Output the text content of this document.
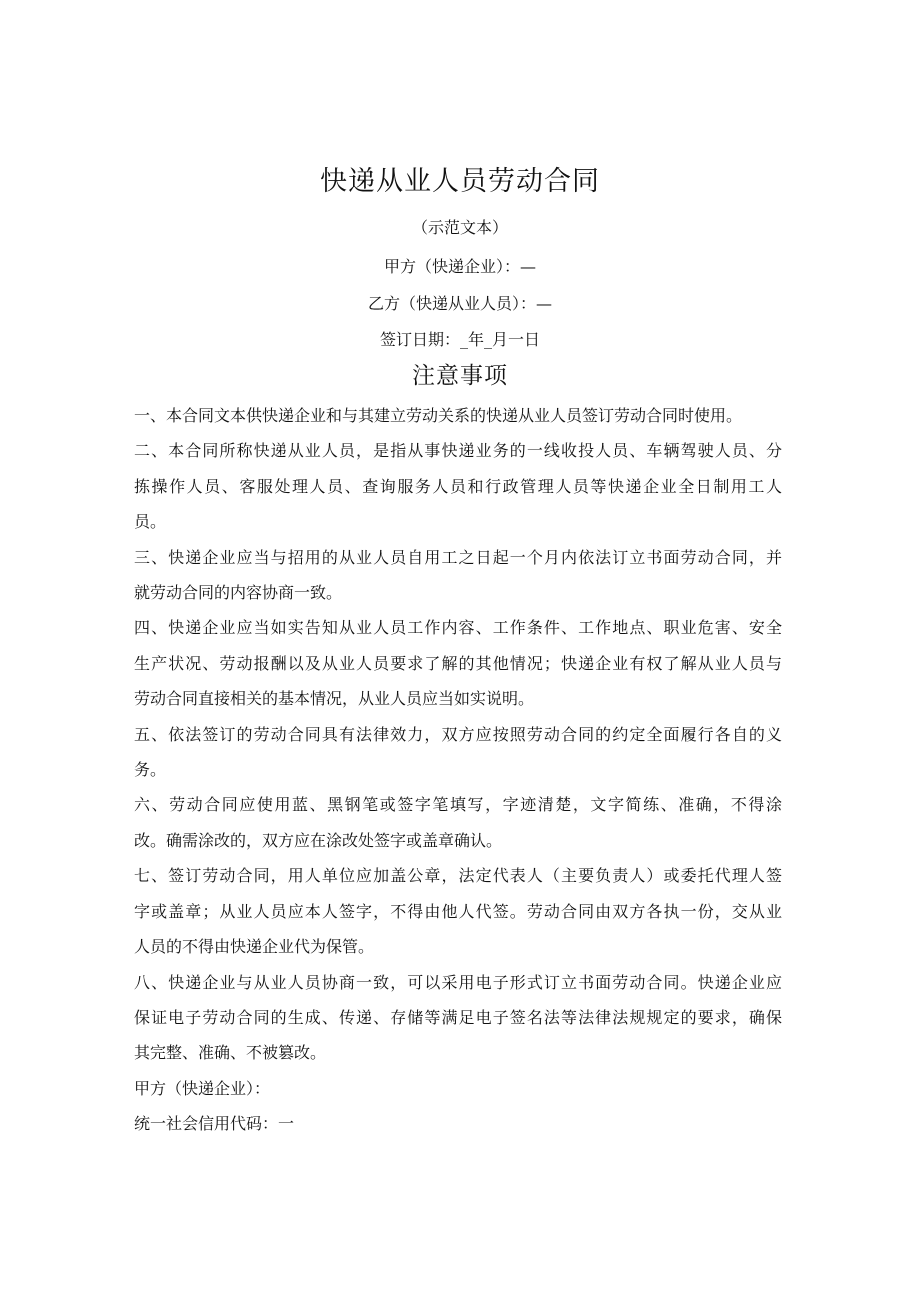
快递从业人员劳动合同
（示范文本）
甲方（快递企业）：—
乙方（快递从业人员）：—
签订日期：_年_月一日
注意事项
一、本合同文本供快递企业和与其建立劳动关系的快递从业人员签订劳动合同时使用。
二、本合同所称快递从业人员，是指从事快递业务的一线收投人员、车辆驾驶人员、分
拣操作人员、客服处理人员、查询服务人员和行政管理人员等快递企业全日制用工人
员。
三、快递企业应当与招用的从业人员自用工之日起一个月内依法订立书面劳动合同，并
就劳动合同的内容协商一致。
四、快递企业应当如实告知从业人员工作内容、工作条件、工作地点、职业危害、安全
生产状况、劳动报酬以及从业人员要求了解的其他情况；快递企业有权了解从业人员与
劳动合同直接相关的基本情况，从业人员应当如实说明。
五、依法签订的劳动合同具有法律效力，双方应按照劳动合同的约定全面履行各自的义
务。
六、劳动合同应使用蓝、黑钢笔或签字笔填写，字迹清楚，文字简练、准确，不得涂
改。确需涂改的，双方应在涂改处签字或盖章确认。
七、签订劳动合同，用人单位应加盖公章，法定代表人（主要负责人）或委托代理人签
字或盖章；从业人员应本人签字，不得由他人代签。劳动合同由双方各执一份，交从业
人员的不得由快递企业代为保管。
八、快递企业与从业人员协商一致，可以采用电子形式订立书面劳动合同。快递企业应
保证电子劳动合同的生成、传递、存储等满足电子签名法等法律法规规定的要求，确保
其完整、准确、不被篡改。
甲方（快递企业）：
统一社会信用代码：一
